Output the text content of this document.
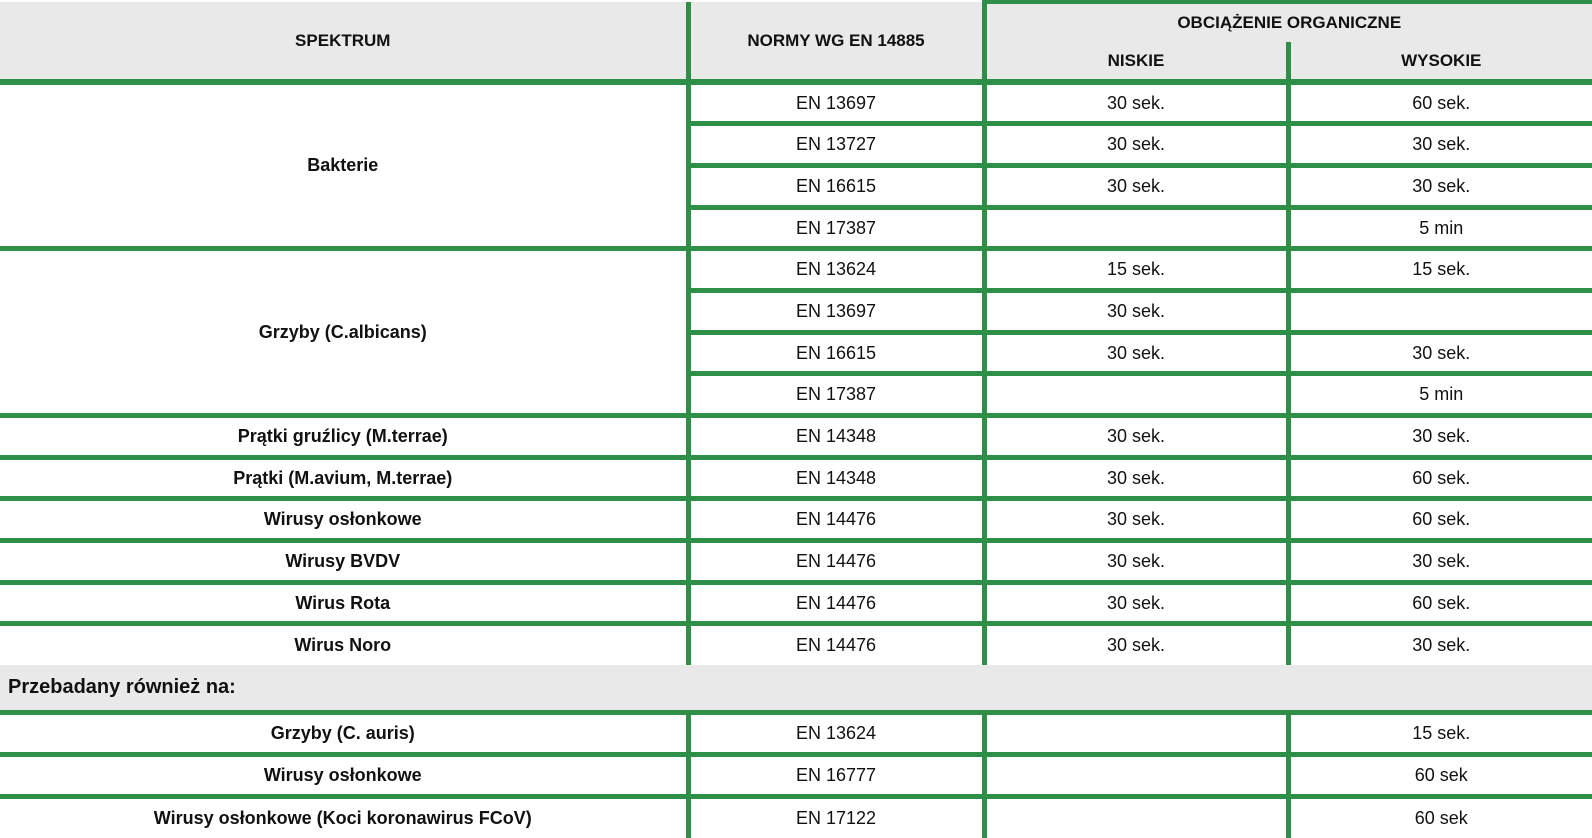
SPEKTRUM	NORMY WG EN 14885	OBCIĄŻENIE ORGANICZNE	
		NISKIE	WYSOKIE
Bakterie	EN 13697	30 sek.	60 sek.
	EN 13727	30 sek.	30 sek.
	EN 16615	30 sek.	30 sek.
	EN 17387		5 min
Grzyby (C.albicans)	EN 13624	15 sek.	15 sek.
	EN 13697	30 sek.	
	EN 16615	30 sek.	30 sek.
	EN 17387		5 min
Prątki gruźlicy (M.terrae)	EN 14348	30 sek.	30 sek.
Prątki (M.avium, M.terrae)	EN 14348	30 sek.	60 sek.
Wirusy osłonkowe	EN 14476	30 sek.	60 sek.
Wirusy BVDV	EN 14476	30 sek.	30 sek.
Wirus Rota	EN 14476	30 sek.	60 sek.
Wirus Noro	EN 14476	30 sek.	30 sek.
Przebadany również na:			
Grzyby (C. auris)	EN 13624		15 sek.
Wirusy osłonkowe	EN 16777		60 sek
Wirusy osłonkowe (Koci koronawirus FCoV)	EN 17122		60 sek
